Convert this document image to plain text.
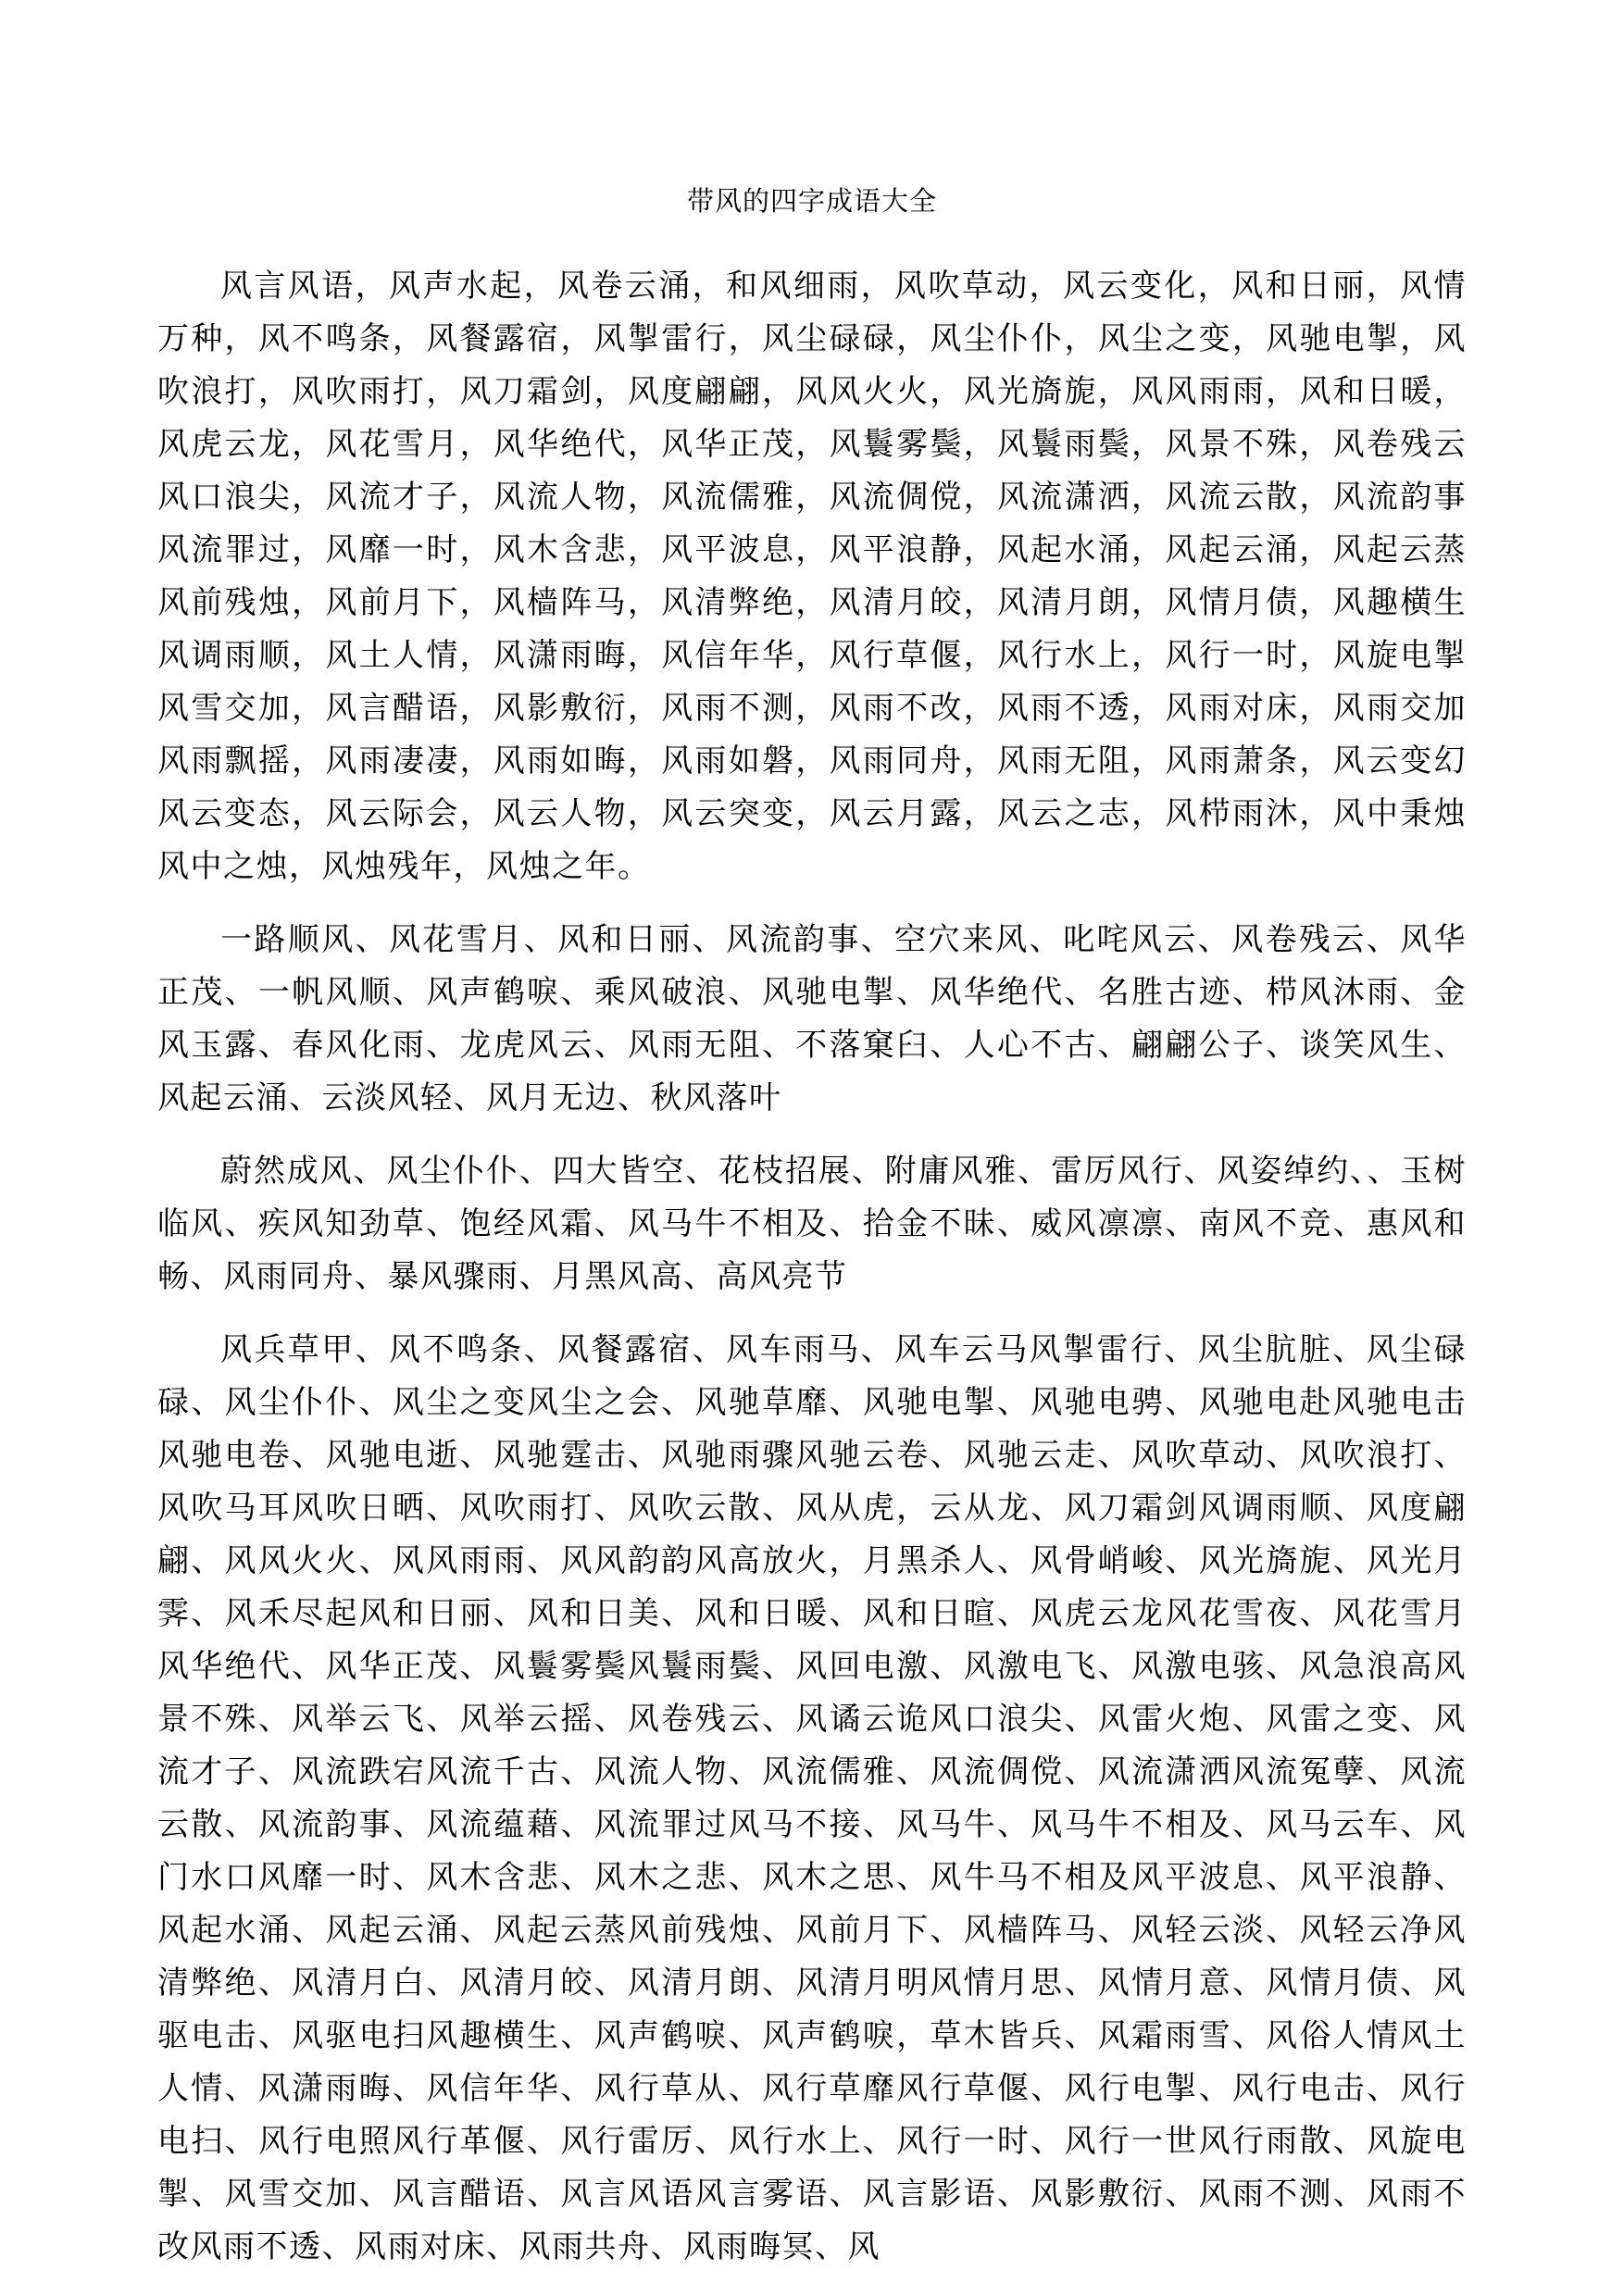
带风的四字成语大全

风言风语，风声水起，风卷云涌，和风细雨，风吹草动，风云变化，风和日丽，风情万种，风不鸣条，风餐露宿，风掣雷行，风尘碌碌，风尘仆仆，风尘之变，风驰电掣，风吹浪打，风吹雨打，风刀霜剑，风度翩翩，风风火火，风光旖旎，风风雨雨，风和日暖，风虎云龙，风花雪月，风华绝代，风华正茂，风鬟雾鬓，风鬟雨鬓，风景不殊，风卷残云风口浪尖，风流才子，风流人物，风流儒雅，风流倜傥，风流潇洒，风流云散，风流韵事风流罪过，风靡一时，风木含悲，风平波息，风平浪静，风起水涌，风起云涌，风起云蒸风前残烛，风前月下，风樯阵马，风清弊绝，风清月皎，风清月朗，风情月债，风趣横生风调雨顺，风土人情，风潇雨晦，风信年华，风行草偃，风行水上，风行一时，风旋电掣风雪交加，风言醋语，风影敷衍，风雨不测，风雨不改，风雨不透，风雨对床，风雨交加风雨飘摇，风雨凄凄，风雨如晦，风雨如磐，风雨同舟，风雨无阻，风雨萧条，风云变幻风云变态，风云际会，风云人物，风云突变，风云月露，风云之志，风栉雨沐，风中秉烛风中之烛，风烛残年，风烛之年。

一路顺风、风花雪月、风和日丽、风流韵事、空穴来风、叱咤风云、风卷残云、风华正茂、一帆风顺、风声鹤唳、乘风破浪、风驰电掣、风华绝代、名胜古迹、栉风沐雨、金风玉露、春风化雨、龙虎风云、风雨无阻、不落窠臼、人心不古、翩翩公子、谈笑风生、风起云涌、云淡风轻、风月无边、秋风落叶

蔚然成风、风尘仆仆、四大皆空、花枝招展、附庸风雅、雷厉风行、风姿绰约、、玉树临风、疾风知劲草、饱经风霜、风马牛不相及、拾金不昧、威风凛凛、南风不竞、惠风和畅、风雨同舟、暴风骤雨、月黑风高、高风亮节

风兵草甲、风不鸣条、风餐露宿、风车雨马、风车云马风掣雷行、风尘肮脏、风尘碌碌、风尘仆仆、风尘之变风尘之会、风驰草靡、风驰电掣、风驰电骋、风驰电赴风驰电击风驰电卷、风驰电逝、风驰霆击、风驰雨骤风驰云卷、风驰云走、风吹草动、风吹浪打、风吹马耳风吹日晒、风吹雨打、风吹云散、风从虎，云从龙、风刀霜剑风调雨顺、风度翩翩、风风火火、风风雨雨、风风韵韵风高放火，月黑杀人、风骨峭峻、风光旖旎、风光月霁、风禾尽起风和日丽、风和日美、风和日暖、风和日暄、风虎云龙风花雪夜、风花雪月风华绝代、风华正茂、风鬟雾鬓风鬟雨鬓、风回电激、风激电飞、风激电骇、风急浪高风景不殊、风举云飞、风举云摇、风卷残云、风谲云诡风口浪尖、风雷火炮、风雷之变、风流才子、风流跌宕风流千古、风流人物、风流儒雅、风流倜傥、风流潇洒风流冤孽、风流云散、风流韵事、风流蕴藉、风流罪过风马不接、风马牛、风马牛不相及、风马云车、风门水口风靡一时、风木含悲、风木之悲、风木之思、风牛马不相及风平波息、风平浪静、风起水涌、风起云涌、风起云蒸风前残烛、风前月下、风樯阵马、风轻云淡、风轻云净风清弊绝、风清月白、风清月皎、风清月朗、风清月明风情月思、风情月意、风情月债、风驱电击、风驱电扫风趣横生、风声鹤唳、风声鹤唳，草木皆兵、风霜雨雪、风俗人情风土人情、风潇雨晦、风信年华、风行草从、风行草靡风行草偃、风行电掣、风行电击、风行电扫、风行电照风行革偃、风行雷厉、风行水上、风行一时、风行一世风行雨散、风旋电掣、风雪交加、风言醋语、风言风语风言雾语、风言影语、风影敷衍、风雨不测、风雨不改风雨不透、风雨对床、风雨共舟、风雨晦冥、风
